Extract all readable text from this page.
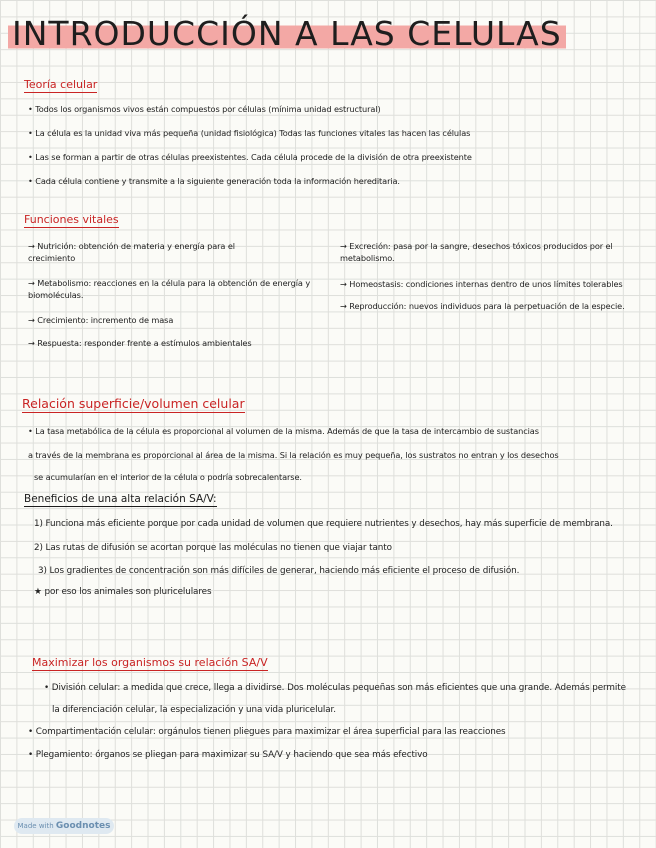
INTRODUCCIÓN A LAS CELULAS
Teoría celular
• Todos los organismos vivos están compuestos por células (mínima unidad estructural)
• La célula es la unidad viva más pequeña (unidad fisiológica) Todas las funciones vitales las hacen las células
• Las se forman a partir de otras células preexistentes. Cada célula procede de la división de otra preexistente
• Cada célula contiene y transmite a la siguiente generación toda la información hereditaria.
Funciones vitales
→ Nutrición: obtención de materia y energía para el crecimiento
→ Metabolismo: reacciones en la célula para la obtención de energía y biomoléculas.
→ Crecimiento: incremento de masa
→ Respuesta: responder frente a estímulos ambientales
→ Excreción: pasa por la sangre, desechos tóxicos producidos por el metabolismo.
→ Homeostasis: condiciones internas dentro de unos límites tolerables
→ Reproducción: nuevos individuos para la perpetuación de la especie.
Relación superficie/volumen celular
• La tasa metabólica de la célula es proporcional al volumen de la misma. Además de que la tasa de intercambio de sustancias
a través de la membrana es proporcional al área de la misma. Si la relación es muy pequeña, los sustratos no entran y los desechos
se acumularían en el interior de la célula o podría sobrecalentarse.
Beneficios de una alta relación SA/V:
1) Funciona más eficiente porque por cada unidad de volumen que requiere nutrientes y desechos, hay más superficie de membrana.
2) Las rutas de difusión se acortan porque las moléculas no tienen que viajar tanto
3) Los gradientes de concentración son más difíciles de generar, haciendo más eficiente el proceso de difusión.
★ por eso los animales son pluricelulares
Maximizar los organismos su relación SA/V
• División celular: a medida que crece, llega a dividirse. Dos moléculas pequeñas son más eficientes que una grande. Además permite
la diferenciación celular, la especialización y una vida pluricelular.
• Compartimentación celular: orgánulos tienen pliegues para maximizar el área superficial para las reacciones
• Plegamiento: órganos se pliegan para maximizar su SA/V y haciendo que sea más efectivo
Made with Goodnotes
